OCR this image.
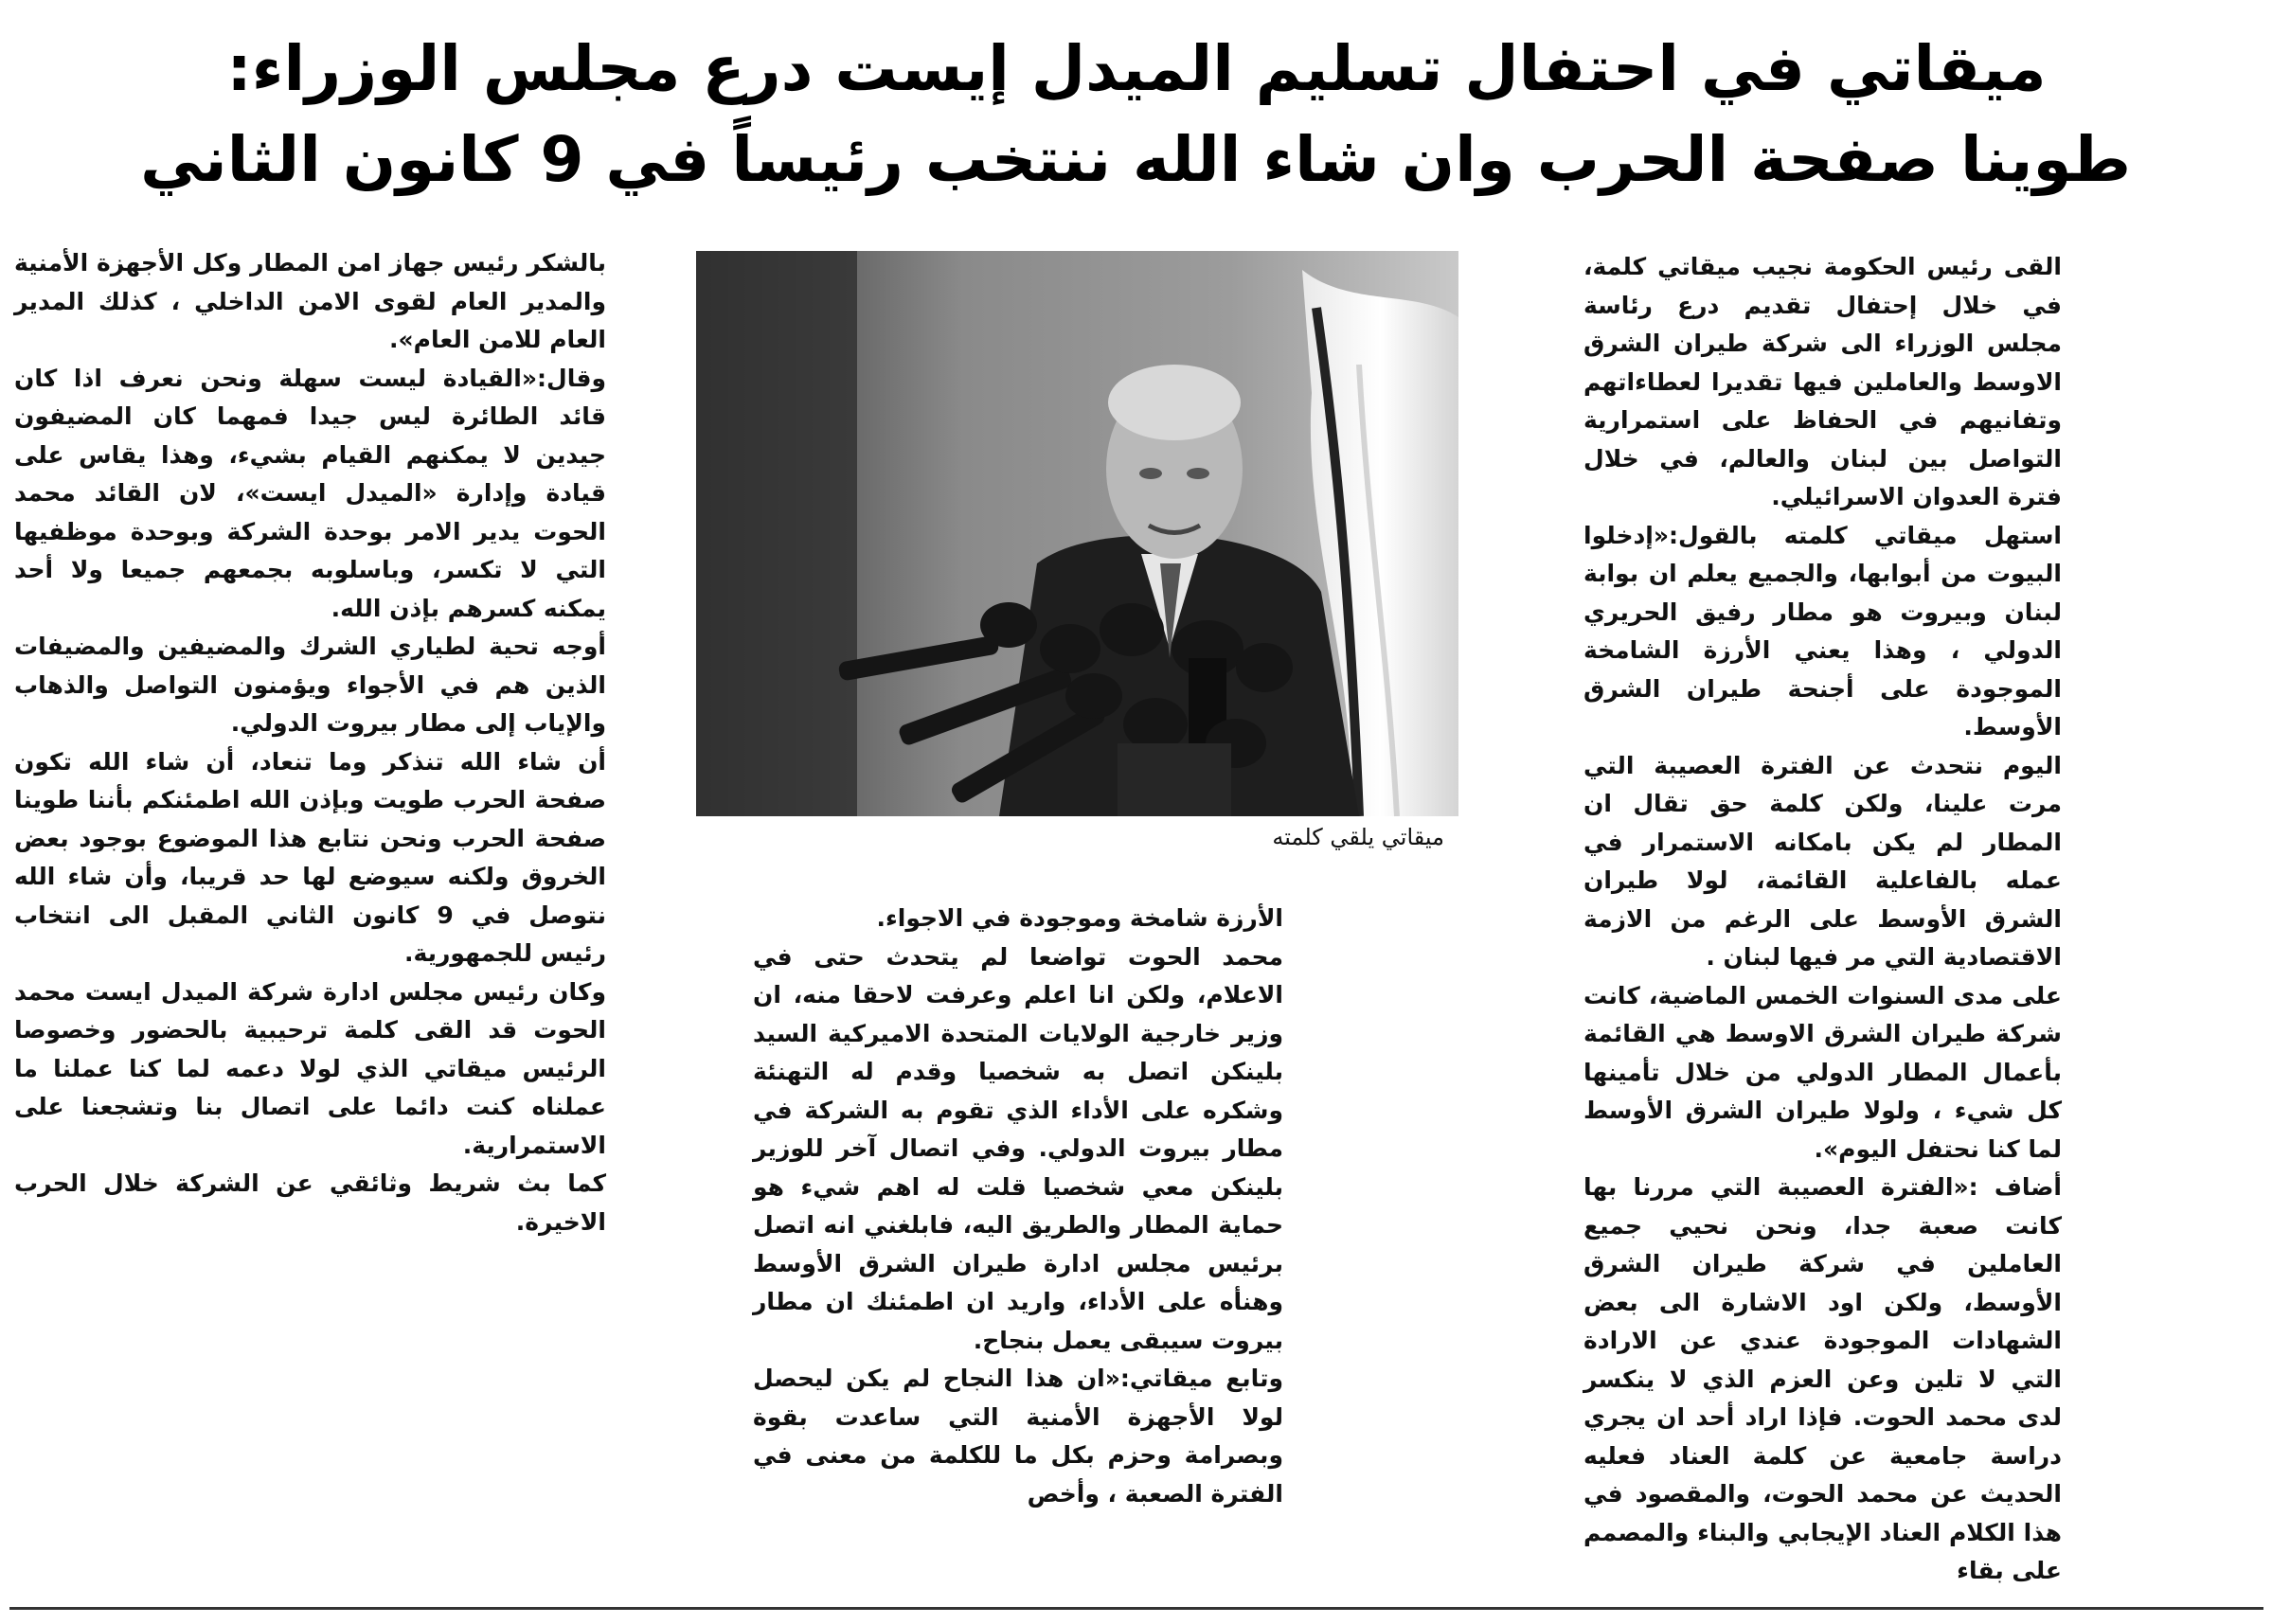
ميقاتي في احتفال تسليم الميدل إيست درع مجلس الوزراء:
طوينا صفحة الحرب وان شاء الله ننتخب رئيساً في 9 كانون الثاني

القى رئيس الحكومة نجيب ميقاتي كلمة، في خلال إحتفال تقديم درع رئاسة مجلس الوزراء الى شركة طيران الشرق الاوسط والعاملين فيها تقديرا لعطاءاتهم وتفانيهم في الحفاظ على استمرارية التواصل بين لبنان والعالم، في خلال فترة العدوان الاسرائيلي.

استهل ميقاتي كلمته بالقول:«إدخلوا البيوت من أبوابها، والجميع يعلم ان بوابة لبنان وبيروت هو مطار رفيق الحريري الدولي ، وهذا يعني الأرزة الشامخة الموجودة على أجنحة طيران الشرق الأوسط.

اليوم نتحدث عن الفترة العصيبة التي مرت علينا، ولكن كلمة حق تقال ان المطار لم يكن بامكانه الاستمرار في عمله بالفاعلية القائمة، لولا طيران الشرق الأوسط على الرغم من الازمة الاقتصادية التي مر فيها لبنان .

على مدى السنوات الخمس الماضية، كانت شركة طيران الشرق الاوسط هي القائمة بأعمال المطار الدولي من خلال تأمينها كل شيء ، ولولا طيران الشرق الأوسط لما كنا نحتفل اليوم».

أضاف :«الفترة العصيبة التي مررنا بها كانت صعبة جدا، ونحن نحيي جميع العاملين في شركة طيران الشرق الأوسط، ولكن اود الاشارة الى بعض الشهادات الموجودة عندي عن الارادة التي لا تلين وعن العزم الذي لا ينكسر لدى محمد الحوت. فإذا اراد أحد ان يجري دراسة جامعية عن كلمة العناد فعليه الحديث عن محمد الحوت، والمقصود في هذا الكلام العناد الإيجابي والبناء والمصمم على بقاء

ميقاتي يلقي كلمته

الأرزة شامخة وموجودة في الاجواء.

محمد الحوت تواضعا لم يتحدث حتى في الاعلام، ولكن انا اعلم وعرفت لاحقا منه، ان وزير خارجية الولايات المتحدة الاميركية السيد بلينكن اتصل به شخصيا وقدم له التهنئة وشكره على الأداء الذي تقوم به الشركة في مطار بيروت الدولي. وفي اتصال آخر للوزير بلينكن معي شخصيا قلت له اهم شيء هو حماية المطار والطريق اليه، فابلغني انه اتصل برئيس مجلس ادارة طيران الشرق الأوسط وهنأه على الأداء، واريد ان اطمئنك ان مطار بيروت سيبقى يعمل بنجاح.

وتابع ميقاتي:«ان هذا النجاح لم يكن ليحصل لولا الأجهزة الأمنية التي ساعدت بقوة وبصرامة وحزم بكل ما للكلمة من معنى في الفترة الصعبة ، وأخص

بالشكر رئيس جهاز امن المطار وكل الأجهزة الأمنية والمدير العام لقوى الامن الداخلي ، كذلك المدير العام للامن العام».

وقال:«القيادة ليست سهلة ونحن نعرف اذا كان قائد الطائرة ليس جيدا فمهما كان المضيفون جيدين لا يمكنهم القيام بشيء، وهذا يقاس على قيادة وإدارة «الميدل ايست»، لان القائد محمد الحوت يدير الامر بوحدة الشركة وبوحدة موظفيها التي لا تكسر، وباسلوبه بجمعهم جميعا ولا أحد يمكنه كسرهم بإذن الله.

أوجه تحية لطياري الشرك والمضيفين والمضيفات الذين هم في الأجواء ويؤمنون التواصل والذهاب والإياب إلى مطار بيروت الدولي.

أن شاء الله تنذكر وما تنعاد، أن شاء الله تكون صفحة الحرب طويت وبإذن الله اطمئنكم بأننا طوينا صفحة الحرب ونحن نتابع هذا الموضوع بوجود بعض الخروق ولكنه سيوضع لها حد قريبا، وأن شاء الله نتوصل في 9 كانون الثاني المقبل الى انتخاب رئيس للجمهورية.

وكان رئيس مجلس ادارة شركة الميدل ايست محمد الحوت قد القى كلمة ترحيبية بالحضور وخصوصا الرئيس ميقاتي الذي لولا دعمه لما كنا عملنا ما عملناه كنت دائما على اتصال بنا وتشجعنا على الاستمرارية.

كما بث شريط وثائقي عن الشركة خلال الحرب الاخيرة.
